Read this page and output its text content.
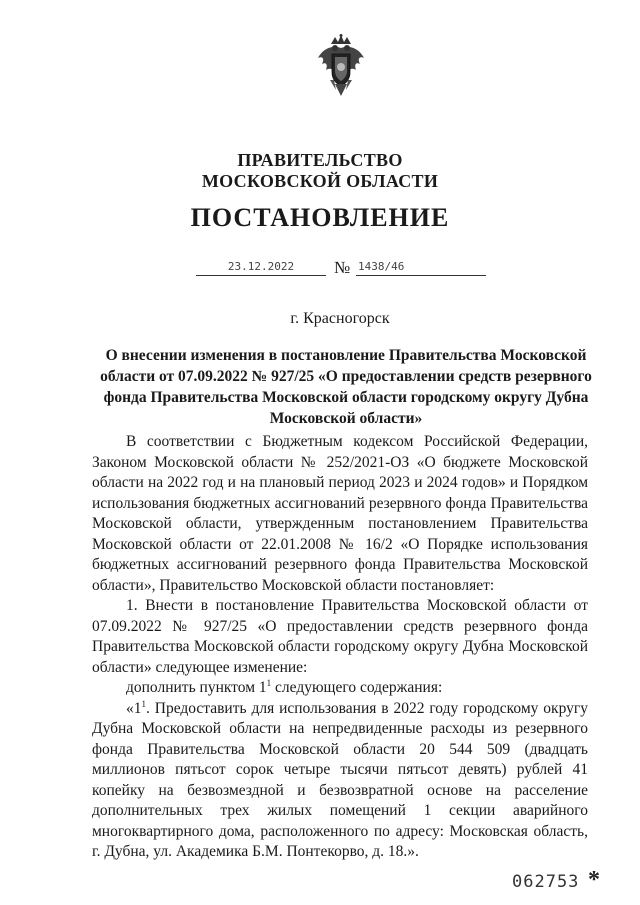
ПРАВИТЕЛЬСТВО
МОСКОВСКОЙ ОБЛАСТИ
ПОСТАНОВЛЕНИЕ
23.12.2022	№ 1438/46
г. Красногорск
О внесении изменения в постановление Правительства Московской области от 07.09.2022 № 927/25 «О предоставлении средств резервного фонда Правительства Московской области городскому округу Дубна Московской области»

В соответствии с Бюджетным кодексом Российской Федерации, Законом Московской области № 252/2021-ОЗ «О бюджете Московской области на 2022 год и на плановый период 2023 и 2024 годов» и Порядком использования бюджетных ассигнований резервного фонда Правительства Московской области, утвержденным постановлением Правительства Московской области от 22.01.2008 № 16/2 «О Порядке использования бюджетных ассигнований резервного фонда Правительства Московской области», Правительство Московской области постановляет:

1. Внести в постановление Правительства Московской области от 07.09.2022 № 927/25 «О предоставлении средств резервного фонда Правительства Московской области городскому округу Дубна Московской области» следующее изменение:

дополнить пунктом $1^1$ следующего содержания:

«$1^1$. Предоставить для использования в 2022 году городскому округу Дубна Московской области на непредвиденные расходы из резервного фонда Правительства Московской области 20 544 509 (двадцать миллионов пятьсот сорок четыре тысячи пятьсот девять) рублей 41 копейку на безвозмездной и безвозвратной основе на расселение дополнительных трех жилых помещений 1 секции аварийного многоквартирного дома, расположенного по адресу: Московская область, г. Дубна, ул. Академика Б.М. Понтекорво, д. 18.».

062753 *
